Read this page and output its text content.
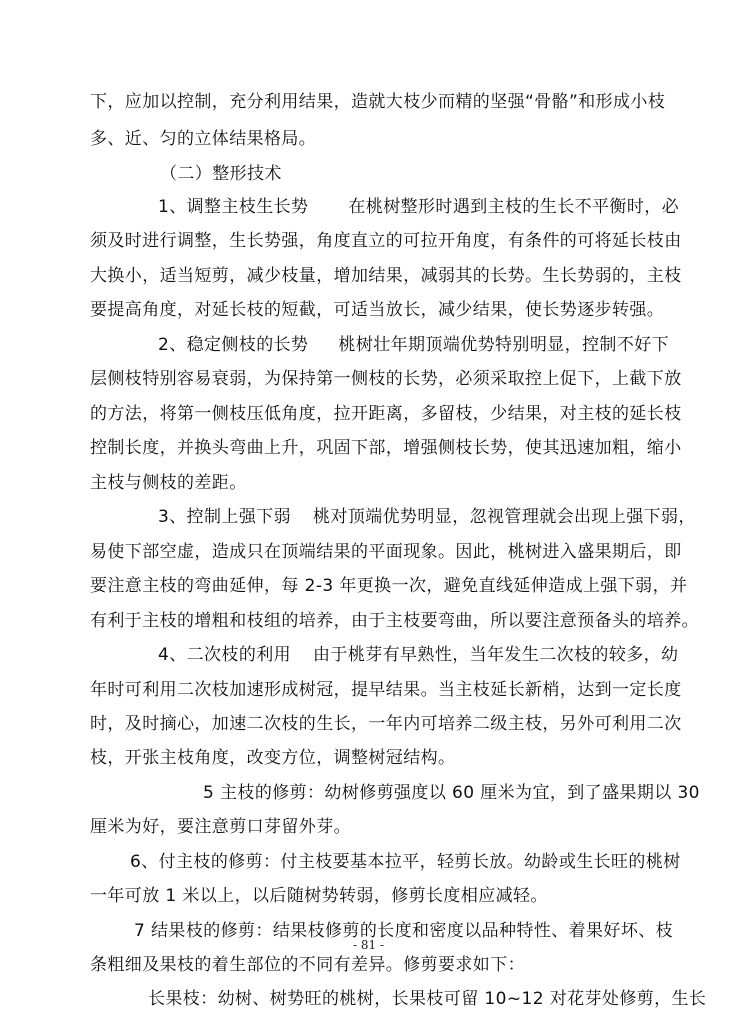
下，应加以控制，充分利用结果，造就大枝少而精的坚强“骨骼”和形成小枝
多、近、匀的立体结果格局。
（二）整形技术
1、调整主枝生长势 在桃树整形时遇到主枝的生长不平衡时，必
须及时进行调整，生长势强，角度直立的可拉开角度，有条件的可将延长枝由
大换小，适当短剪，减少枝量，增加结果，减弱其的长势。生长势弱的，主枝
要提高角度，对延长枝的短截，可适当放长，减少结果，使长势逐步转强。
2、稳定侧枝的长势 桃树壮年期顶端优势特别明显，控制不好下
层侧枝特别容易衰弱，为保持第一侧枝的长势，必须采取控上促下，上截下放
的方法，将第一侧枝压低角度，拉开距离，多留枝，少结果，对主枝的延长枝
控制长度，并换头弯曲上升，巩固下部，增强侧枝长势，使其迅速加粗，缩小
主枝与侧枝的差距。
3、控制上强下弱 桃对顶端优势明显，忽视管理就会出现上强下弱，
易使下部空虚，造成只在顶端结果的平面现象。因此，桃树进入盛果期后，即
要注意主枝的弯曲延伸，每 2-3 年更换一次，避免直线延伸造成上强下弱，并
有利于主枝的增粗和枝组的培养，由于主枝要弯曲，所以要注意预备头的培养。
4、二次枝的利用 由于桃芽有早熟性，当年发生二次枝的较多，幼
年时可利用二次枝加速形成树冠，提早结果。当主枝延长新梢，达到一定长度
时，及时摘心，加速二次枝的生长，一年内可培养二级主枝，另外可利用二次
枝，开张主枝角度，改变方位，调整树冠结构。
5 主枝的修剪：幼树修剪强度以 60 厘米为宜，到了盛果期以 30
厘米为好，要注意剪口芽留外芽。
6、付主枝的修剪：付主枝要基本拉平，轻剪长放。幼龄或生长旺的桃树
一年可放 1 米以上，以后随树势转弱，修剪长度相应减轻。
7 结果枝的修剪：结果枝修剪的长度和密度以品种特性、着果好坏、枝
条粗细及果枝的着生部位的不同有差异。修剪要求如下：
长果枝：幼树、树势旺的桃树，长果枝可留 10~12 对花芽处修剪，生长
- 81 -
